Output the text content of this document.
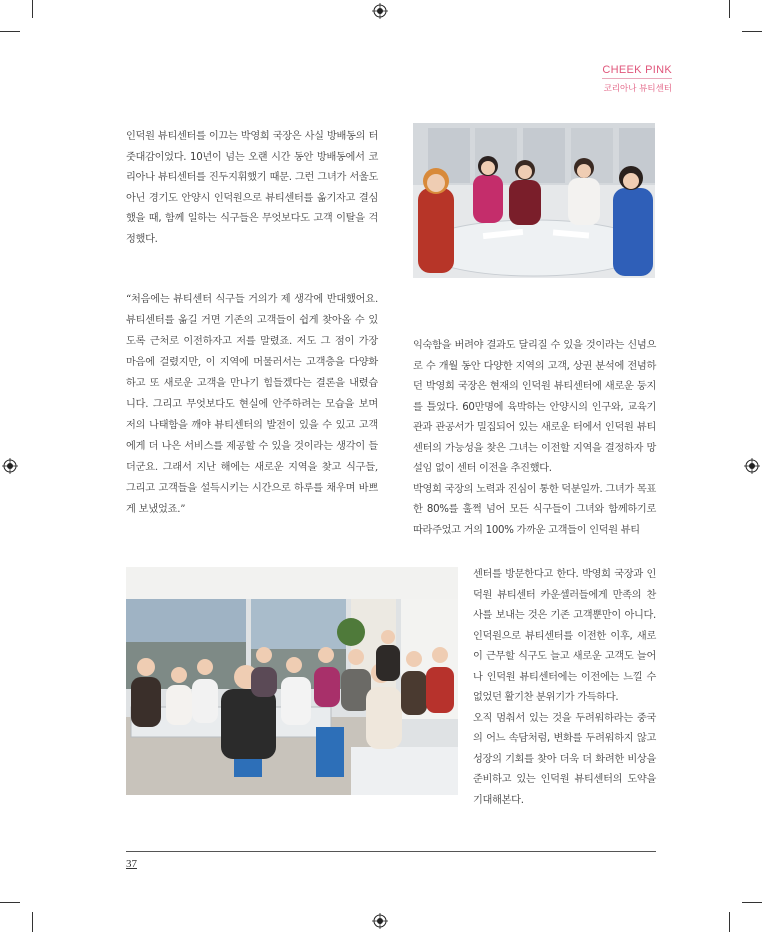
CHEEK PINK
코리아나 뷰티센터

인덕원 뷰티센터를 이끄는 박영희 국장은 사실 방배동의 터줏대감이었다. 10년이 넘는 오랜 시간 동안 방배동에서 코리아나 뷰티센터를 진두지휘했기 때문. 그런 그녀가 서울도 아닌 경기도 안양시 인덕원으로 뷰티센터를 옮기자고 결심했을 때, 함께 일하는 식구들은 무엇보다도 고객 이탈을 걱정했다.

“처음에는 뷰티센터 식구들 거의가 제 생각에 반대했어요. 뷰티센터를 옮길 거면 기존의 고객들이 쉽게 찾아올 수 있도록 근처로 이전하자고 저를 말렸죠. 저도 그 점이 가장 마음에 걸렸지만, 이 지역에 머물러서는 고객층을 다양화하고 또 새로운 고객을 만나기 힘들겠다는 결론을 내렸습니다. 그리고 무엇보다도 현실에 안주하려는 모습을 보며 저의 나태함을 깨야 뷰티센터의 발전이 있을 수 있고 고객에게 더 나은 서비스를 제공할 수 있을 것이라는 생각이 들더군요. 그래서 지난 해에는 새로운 지역을 찾고 식구들, 그리고 고객들을 설득시키는 시간으로 하루를 채우며 바쁘게 보냈었죠.”

익숙함을 버려야 결과도 달리질 수 있을 것이라는 신념으로 수 개월 동안 다양한 지역의 고객, 상권 분석에 전념하던 박영희 국장은 현재의 인덕원 뷰티센터에 새로운 둥지를 틀었다. 60만명에 육박하는 안양시의 인구와, 교육기관과 관공서가 밀집되어 있는 새로운 터에서 인덕원 뷰티센터의 가능성을 찾은 그녀는 이전할 지역을 결정하자 망설임 없이 센터 이전을 추진했다.

박영희 국장의 노력과 진심이 통한 덕분일까. 그녀가 목표한 80%를 훌쩍 넘어 모든 식구들이 그녀와 함께하기로 따라주었고 거의 100% 가까운 고객들이 인덕원 뷰티

센터를 방문한다고 한다. 박영희 국장과 인덕원 뷰티센터 카운셀러들에게 만족의 찬사를 보내는 것은 기존 고객뿐만이 아니다. 인덕원으로 뷰티센터를 이전한 이후, 새로이 근무할 식구도 늘고 새로운 고객도 늘어나 인덕원 뷰티센터에는 이전에는 느낄 수 없었던 활기찬 분위기가 가득하다.

오직 멈춰서 있는 것을 두려워하라는 중국의 어느 속담처럼, 변화를 두려워하지 않고 성장의 기회를 찾아 더욱 더 화려한 비상을 준비하고 있는 인덕원 뷰티센터의 도약을 기대해본다.

37
